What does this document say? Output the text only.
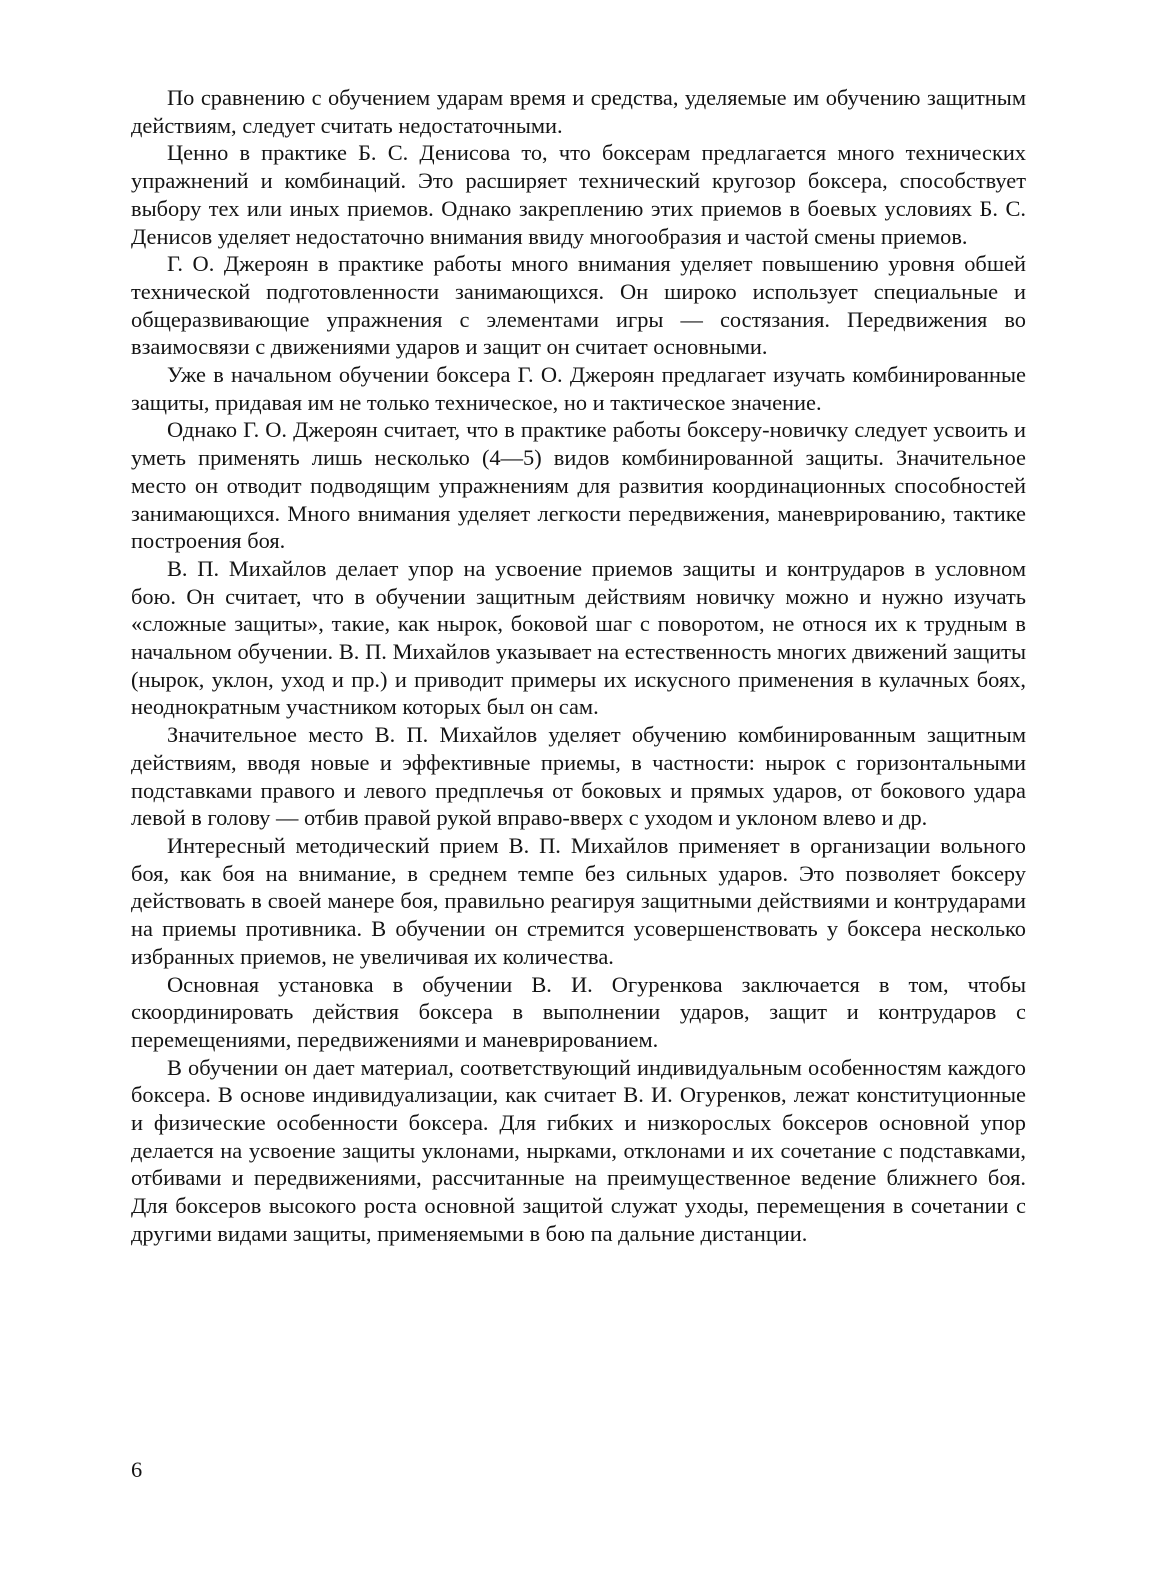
По сравнению с обучением ударам время и средства, уделяемые им обучению защитным действиям, следует считать недостаточными.

Ценно в практике Б. С. Денисова то, что боксерам предлагается много технических упражнений и комбинаций. Это расширяет технический кругозор боксера, способствует выбору тех или иных приемов. Однако закреплению этих приемов в боевых условиях Б. С. Денисов уделяет недостаточно внимания ввиду многообразия и частой смены приемов.

Г. О. Джероян в практике работы много внимания уделяет повышению уровня обшей технической подготовленности занимающихся. Он широко использует специальные и общеразвивающие упражнения с элементами игры — состязания. Передвижения во взаимосвязи с движениями ударов и защит он считает основными.

Уже в начальном обучении боксера Г. О. Джероян предлагает изучать комбинированные защиты, придавая им не только техническое, но и тактическое значение.

Однако Г. О. Джероян считает, что в практике работы боксеру-новичку следует усвоить и уметь применять лишь несколько (4—5) видов комбинированной защиты. Значительное место он отводит подводящим упражнениям для развития координационных способностей занимающихся. Много внимания уделяет легкости передвижения, маневрированию, тактике построения боя.

В. П. Михайлов делает упор на усвоение приемов защиты и контрударов в условном бою. Он считает, что в обучении защитным действиям новичку можно и нужно изучать «сложные защиты», такие, как нырок, боковой шаг с поворотом, не относя их к трудным в начальном обучении. В. П. Михайлов указывает на естественность многих движений защиты (нырок, уклон, уход и пр.) и приводит примеры их искусного применения в кулачных боях, неоднократным участником которых был он сам.

Значительное место В. П. Михайлов уделяет обучению комбинированным защитным действиям, вводя новые и эффективные приемы, в частности: нырок с горизонтальными подставками правого и левого предплечья от боковых и прямых ударов, от бокового удара левой в голову — отбив правой рукой вправо-вверх с уходом и уклоном влево и др.

Интересный методический прием В. П. Михайлов применяет в организации вольного боя, как боя на внимание, в среднем темпе без сильных ударов. Это позволяет боксеру действовать в своей манере боя, правильно реагируя защитными действиями и контрударами на приемы противника. В обучении он стремится усовершенствовать у боксера несколько избранных приемов, не увеличивая их количества.

Основная установка в обучении В. И. Огуренкова заключается в том, чтобы скоординировать действия боксера в выполнении ударов, защит и контрударов с перемещениями, передвижениями и маневрированием.

В обучении он дает материал, соответствующий индивидуальным особенностям каждого боксера. В основе индивидуализации, как считает В. И. Огуренков, лежат конституционные и физические особенности боксера. Для гибких и низкорослых боксеров основной упор делается на усвоение защиты уклонами, нырками, отклонами и их сочетание с подставками, отбивами и передвижениями, рассчитанные на преимущественное ведение ближнего боя. Для боксеров высокого роста основной защитой служат уходы, перемещения в сочетании с другими видами защиты, применяемыми в бою па дальние дистанции.

6
